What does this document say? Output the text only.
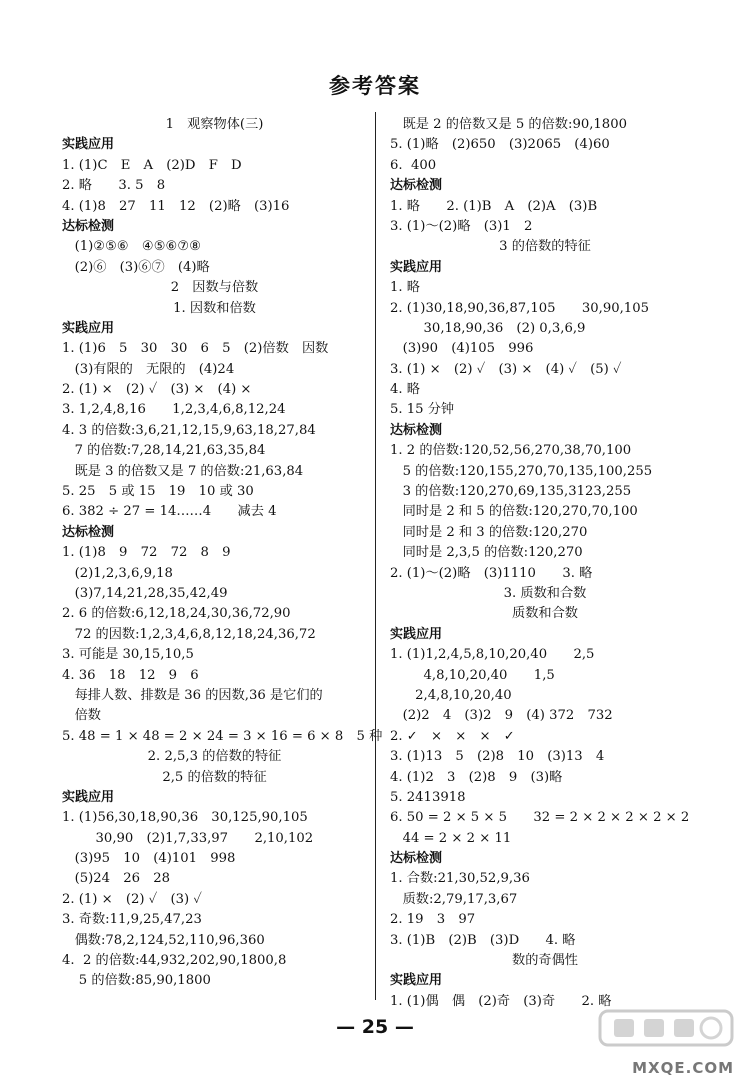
参考答案
1　观察物体(三)
实践应用
1. (1)C　E　A　(2)D　F　D
2. 略　　3. 5　8
4. (1)8　27　11　12　(2)略　(3)16
达标检测
(1)②⑤⑥　④⑤⑥⑦⑧
(2)⑥　(3)⑥⑦　(4)略
2　因数与倍数
1. 因数和倍数
实践应用
1. (1)6　5　30　30　6　5　(2)倍数　因数
(3)有限的　无限的　(4)24
2. (1) ×　(2) ✓　(3) ×　(4) ×
3. 1,2,4,8,16　　1,2,3,4,6,8,12,24
4. 3 的倍数:3,6,21,12,15,9,63,18,27,84
7 的倍数:7,28,14,21,63,35,84
既是 3 的倍数又是 7 的倍数:21,63,84
5. 25　5 或 15　19　10 或 30
6. 382 ÷ 27 = 14……4　　减去 4
达标检测
1. (1)8　9　72　72　8　9
(2)1,2,3,6,9,18
(3)7,14,21,28,35,42,49
2. 6 的倍数:6,12,18,24,30,36,72,90
72 的因数:1,2,3,4,6,8,12,18,24,36,72
3. 可能是 30,15,10,5
4. 36　18　12　9　6
每排人数、排数是 36 的因数,36 是它们的
倍数
5. 48 = 1 × 48 = 2 × 24 = 3 × 16 = 6 × 8　5 种
2. 2,5,3 的倍数的特征
2,5 的倍数的特征
实践应用
1. (1)56,30,18,90,36　30,125,90,105
30,90　(2)1,7,33,97　　2,10,102
(3)95　10　(4)101　998
(5)24　26　28
2. (1) ×　(2) ✓　(3) ✓
3. 奇数:11,9,25,47,23
偶数:78,2,124,52,110,96,360
4.  2 的倍数:44,932,202,90,1800,8
5 的倍数:85,90,1800
既是 2 的倍数又是 5 的倍数:90,1800
5. (1)略　(2)650　(3)2065　(4)60
6.  400
达标检测
1. 略　　2. (1)B　A　(2)A　(3)B
3. (1)～(2)略　(3)1　2
3 的倍数的特征
实践应用
1. 略
2. (1)30,18,90,36,87,105　　30,90,105
30,18,90,36　(2) 0,3,6,9
(3)90　(4)105　996
3. (1) ×　(2) ✓　(3) ×　(4) ✓　(5) ✓
4. 略
5. 15 分钟
达标检测
1. 2 的倍数:120,52,56,270,38,70,100
5 的倍数:120,155,270,70,135,100,255
3 的倍数:120,270,69,135,3123,255
同时是 2 和 5 的倍数:120,270,70,100
同时是 2 和 3 的倍数:120,270
同时是 2,3,5 的倍数:120,270
2. (1)～(2)略　(3)1110　　3. 略
3. 质数和合数
质数和合数
实践应用
1. (1)1,2,4,5,8,10,20,40　　2,5
4,8,10,20,40　　1,5
2,4,8,10,20,40
(2)2　4　(3)2　9　(4) 372　732
2. ✓　×　×　×　✓
3. (1)13　5　(2)8　10　(3)13　4
4. (1)2　3　(2)8　9　(3)略
5. 2413918
6. 50 = 2 × 5 × 5　　32 = 2 × 2 × 2 × 2 × 2
44 = 2 × 2 × 11
达标检测
1. 合数:21,30,52,9,36
质数:2,79,17,3,67
2. 19　3　97
3. (1)B　(2)B　(3)D　　4. 略
数的奇偶性
实践应用
1. (1)偶　偶　(2)奇　(3)奇　　2. 略
— 25 —
MXQE.COM
